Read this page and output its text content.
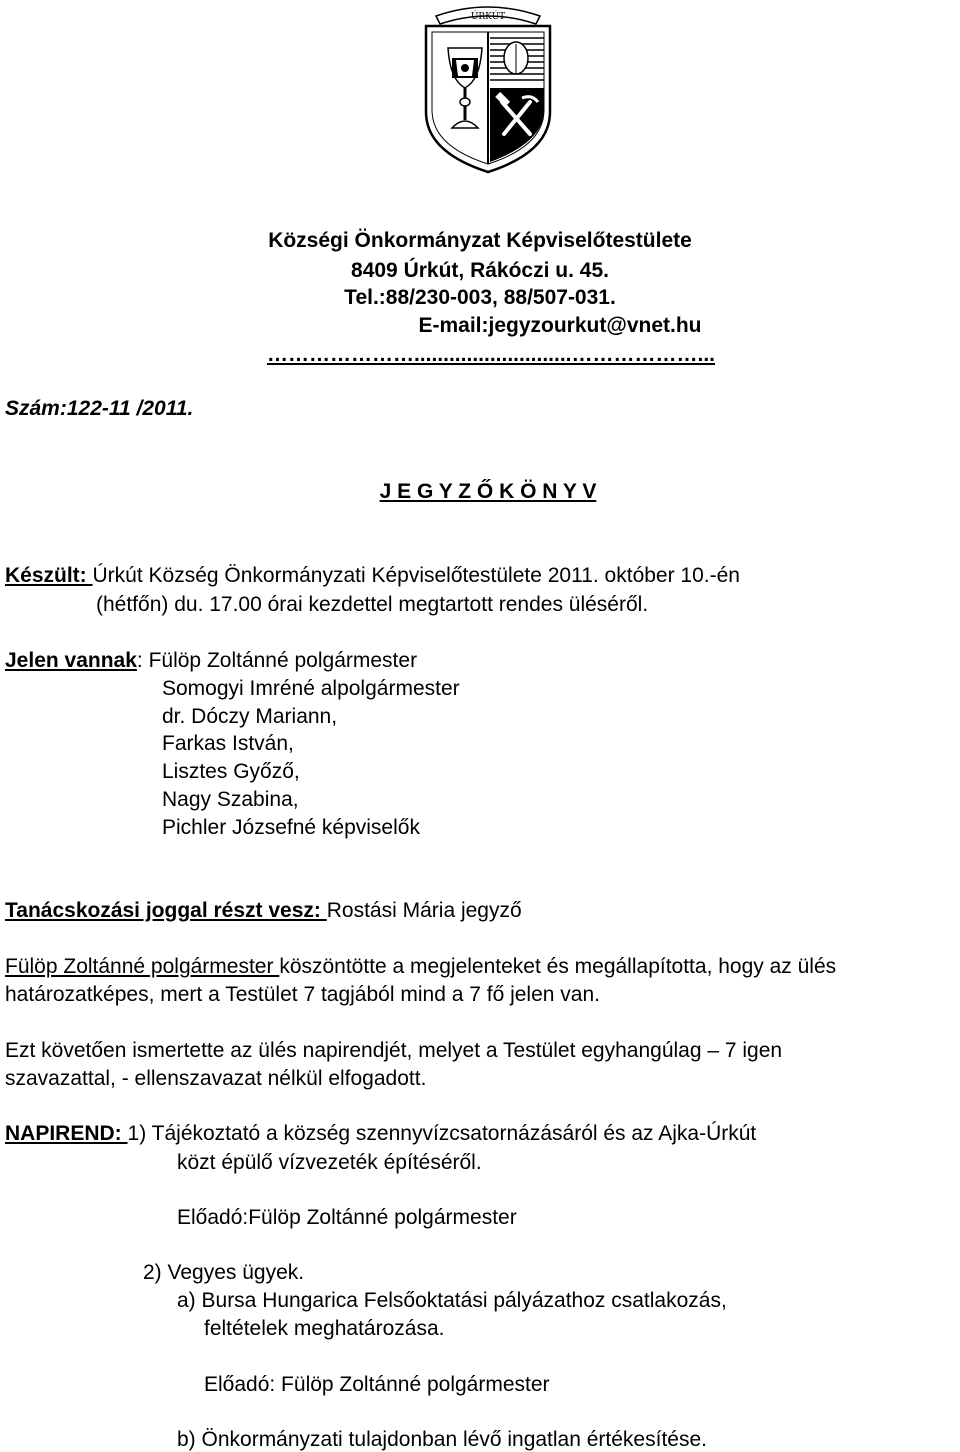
ÚRKÚT
Községi Önkormányzat Képviselőtestülete
8409 Úrkút, Rákóczi u. 45.
Tel.:88/230-003, 88/507-031.
E-mail:jegyzourkut@vnet.hu
…………………...........................………………...
Szám:122-11 /2011.
J E G Y Z Ő K Ö N Y V
Készült: Úrkút Község Önkormányzati Képviselőtestülete 2011. október 10.-én
(hétfőn) du. 17.00 órai kezdettel megtartott rendes üléséről.
Jelen vannak: Fülöp Zoltánné polgármester
Somogyi Imréné alpolgármester
dr. Dóczy Mariann,
Farkas István,
Lisztes Győző,
Nagy Szabina,
Pichler Józsefné képviselők
Tanácskozási joggal részt vesz: Rostási Mária jegyző
Fülöp Zoltánné polgármester köszöntötte a megjelenteket és megállapította, hogy az ülés
határozatképes, mert a Testület 7 tagjából mind a 7 fő jelen van.
Ezt követően ismertette az ülés napirendjét, melyet a Testület egyhangúlag – 7 igen
szavazattal, - ellenszavazat nélkül elfogadott.
NAPIREND: 1) Tájékoztató a község szennyvízcsatornázásáról és az Ajka-Úrkút
közt épülő vízvezeték építéséről.
Előadó:Fülöp Zoltánné polgármester
2) Vegyes ügyek.
a) Bursa Hungarica Felsőoktatási pályázathoz csatlakozás,
feltételek meghatározása.
Előadó: Fülöp Zoltánné polgármester
b) Önkormányzati tulajdonban lévő ingatlan értékesítése.
